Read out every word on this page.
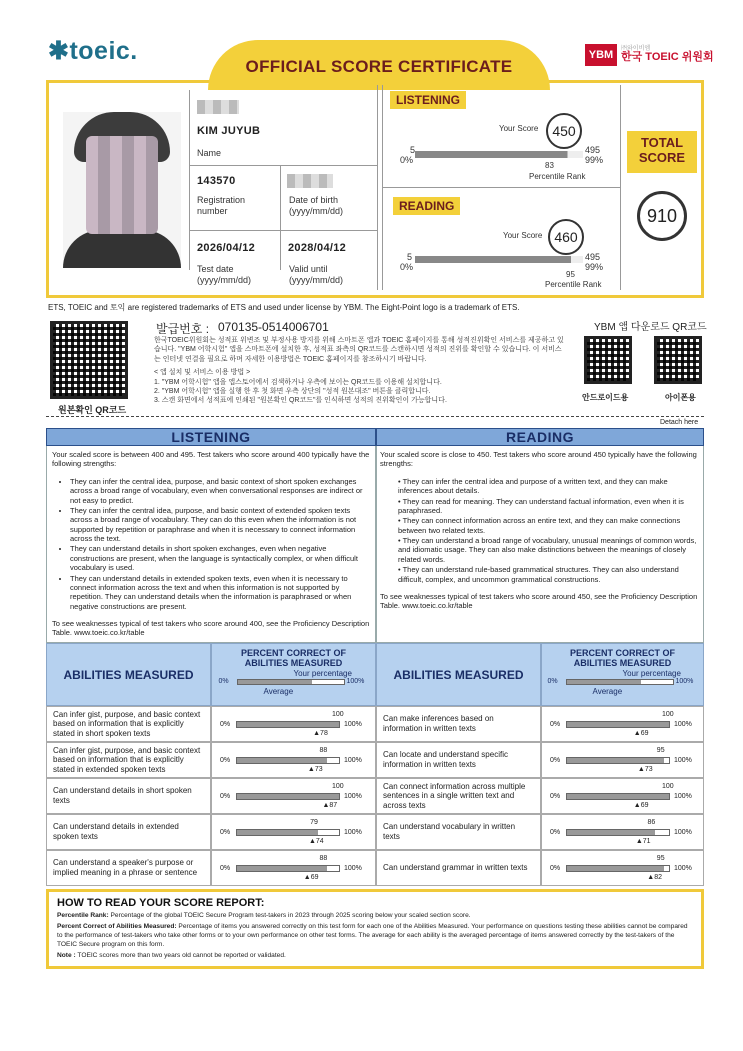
✱toeic.	YBM	㈜와이비엠
한국 TOEIC 위원회
OFFICIAL SCORE CERTIFICATE
KIM JUYUB
Name
143570
Registration number
Date of birth (yyyy/mm/dd)
2026/04/12
Test date (yyyy/mm/dd)
2028/04/12
Valid until (yyyy/mm/dd)
LISTENING
Your Score	450
5
0%
495
99%
83
Percentile Rank
READING
Your Score 460
5
0%
495
99%
95
Percentile Rank
TOTAL SCORE
910
ETS, TOEIC and 토익 are registered trademarks of ETS and used under license by YBM. The Eight-Point logo is a trademark of ETS.
원본확인 QR코드
발급번호 : 070135-0514006701
한국TOEIC위원회는 성적표 위변조 및 부정사용 방지를 위해 스마트폰 앱과 TOEIC 홈페이지를 통해 성적진위확인 서비스를 제공하고 있습니다. "YBM 어학시험" 앱을 스마트폰에 설치한 후, 성적표 좌측의 QR코드를 스캔하시면 성적의 진위를 확인할 수 있습니다. 이 서비스는 인터넷 연결을 필요로 하며 자세한 이용방법은 TOEIC 홈페이지를 참조하시기 바랍니다.
< 앱 설치 및 서비스 이용 방법 >
1. "YBM 어학시험" 앱을 앱스토어에서 검색하거나 우측에 보이는 QR코드를 이용해 설치합니다.
2. "YBM 어학시험" 앱을 실행 한 후 첫 화면 우측 상단의 "성적 원본대조" 버튼을 클릭합니다.
3. 스캔 화면에서 성적표에 인쇄된 "원본확인 QR코드"를 인식하면 성적의 진위확인이 가능합니다.
YBM 앱 다운로드 QR코드
안드로이드용	아이폰용
Detach here
LISTENING	READING

Your scaled score is between 400 and 495. Test takers who score around 400 typically have the following strengths:

• They can infer the central idea, purpose, and basic context of short spoken exchanges across a broad range of vocabulary, even when conversational responses are indirect or not easy to predict.
• They can infer the central idea, purpose, and basic context of extended spoken texts across a broad range of vocabulary. They can do this even when the information is not supported by repetition or paraphrase and when it is necessary to connect information across the text.
• They can understand details in short spoken exchanges, even when negative constructions are present, when the language is syntactically complex, or when difficult vocabulary is used.
• They can understand details in extended spoken texts, even when it is necessary to connect information across the text and when this information is not supported by repetition. They can understand details when the information is paraphrased or when negative constructions are present.

To see weaknesses typical of test takers who score around 400, see the Proficiency Description Table. www.toeic.co.kr/table

Your scaled score is close to 450. Test takers who score around 450 typically have the following strengths:

• They can infer the central idea and purpose of a written text, and they can make inferences about details.
• They can read for meaning. They can understand factual information, even when it is paraphrased.
• They can connect information across an entire text, and they can make connections between two related texts.
• They can understand a broad range of vocabulary, unusual meanings of common words, and idiomatic usage. They can also make distinctions between the meanings of closely related words.
• They can understand rule-based grammatical structures. They can also understand difficult, complex, and uncommon grammatical constructions.

To see weaknesses typical of test takers who score around 450, see the Proficiency Description Table. www.toeic.co.kr/table

ABILITIES MEASURED
PERCENT CORRECT OF ABILITIES MEASURED
0%	100%
Your percentage
Average
Can infer gist, purpose, and basic context based on information that is explicitly stated in short spoken texts
0%	100%
100
▲78
Can infer gist, purpose, and basic context based on information that is explicitly stated in extended spoken texts
0%	100%
88
▲73
Can understand details in short spoken texts	0%	100%
100
▲87
Can understand details in extended spoken texts	0%	100%
79
▲74
Can understand a speaker's purpose or implied meaning in a phrase or sentence	0%	100%
88
▲69
ABILITIES MEASURED
PERCENT CORRECT OF ABILITIES MEASURED
0%	100%
Your percentage
Average
Can make inferences based on information in written texts	0%	100%
100
▲69
Can locate and understand specific information in written texts	0%	100%
95
▲73
Can connect information across multiple sentences in a single written text and across texts
0%	100%
100
▲69
Can understand vocabulary in written texts	0%	100%
86
▲71
Can understand grammar in written texts	0%	100%
95
▲82
HOW TO READ YOUR SCORE REPORT:

Percentile Rank: Percentage of the global TOEIC Secure Program test-takers in 2023 through 2025 scoring below your scaled section score.

Percent Correct of Abilities Measured: Percentage of items you answered correctly on this test form for each one of the Abilities Measured. Your performance on questions testing these abilities cannot be compared to the performance of test-takers who take other forms or to your own performance on other test forms. The average for each ability is the averaged percentage of items answered correctly by the test-takers of the TOEIC Secure program on this form.

Note : TOEIC scores more than two years old cannot be reported or validated.
